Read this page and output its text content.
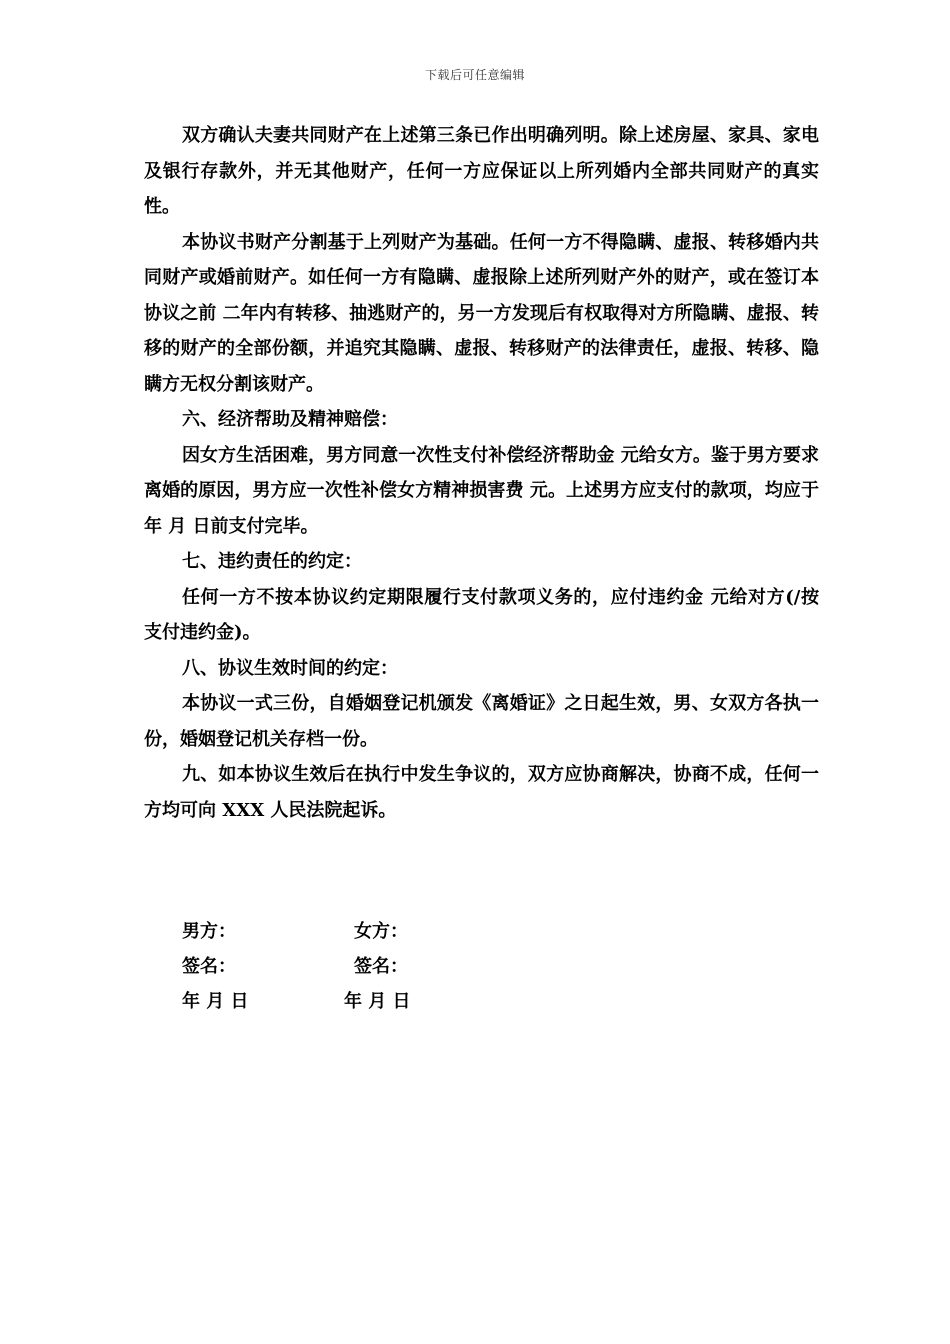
下载后可任意编辑

双方确认夫妻共同财产在上述第三条已作出明确列明。除上述房屋、家具、家电及银行存款外，并无其他财产，任何一方应保证以上所列婚内全部共同财产的真实性。

本协议书财产分割基于上列财产为基础。任何一方不得隐瞒、虚报、转移婚内共同财产或婚前财产。如任何一方有隐瞒、虚报除上述所列财产外的财产，或在签订本协议之前 二年内有转移、抽逃财产的，另一方发现后有权取得对方所隐瞒、虚报、转移的财产的全部份额，并追究其隐瞒、虚报、转移财产的法律责任，虚报、转移、隐瞒方无权分割该财产。

六、经济帮助及精神赔偿：

因女方生活困难，男方同意一次性支付补偿经济帮助金 元给女方。鉴于男方要求离婚的原因，男方应一次性补偿女方精神损害费 元。上述男方应支付的款项，均应于 年 月 日前支付完毕。

七、违约责任的约定：

任何一方不按本协议约定期限履行支付款项义务的，应付违约金 元给对方(/按 支付违约金)。

八、协议生效时间的约定：

本协议一式三份，自婚姻登记机颁发《离婚证》之日起生效，男、女双方各执一份，婚姻登记机关存档一份。

九、如本协议生效后在执行中发生争议的，双方应协商解决，协商不成，任何一方均可向 XXX 人民法院起诉。

男方：	女方：
签名：	签名：
年 月 日	年 月 日
